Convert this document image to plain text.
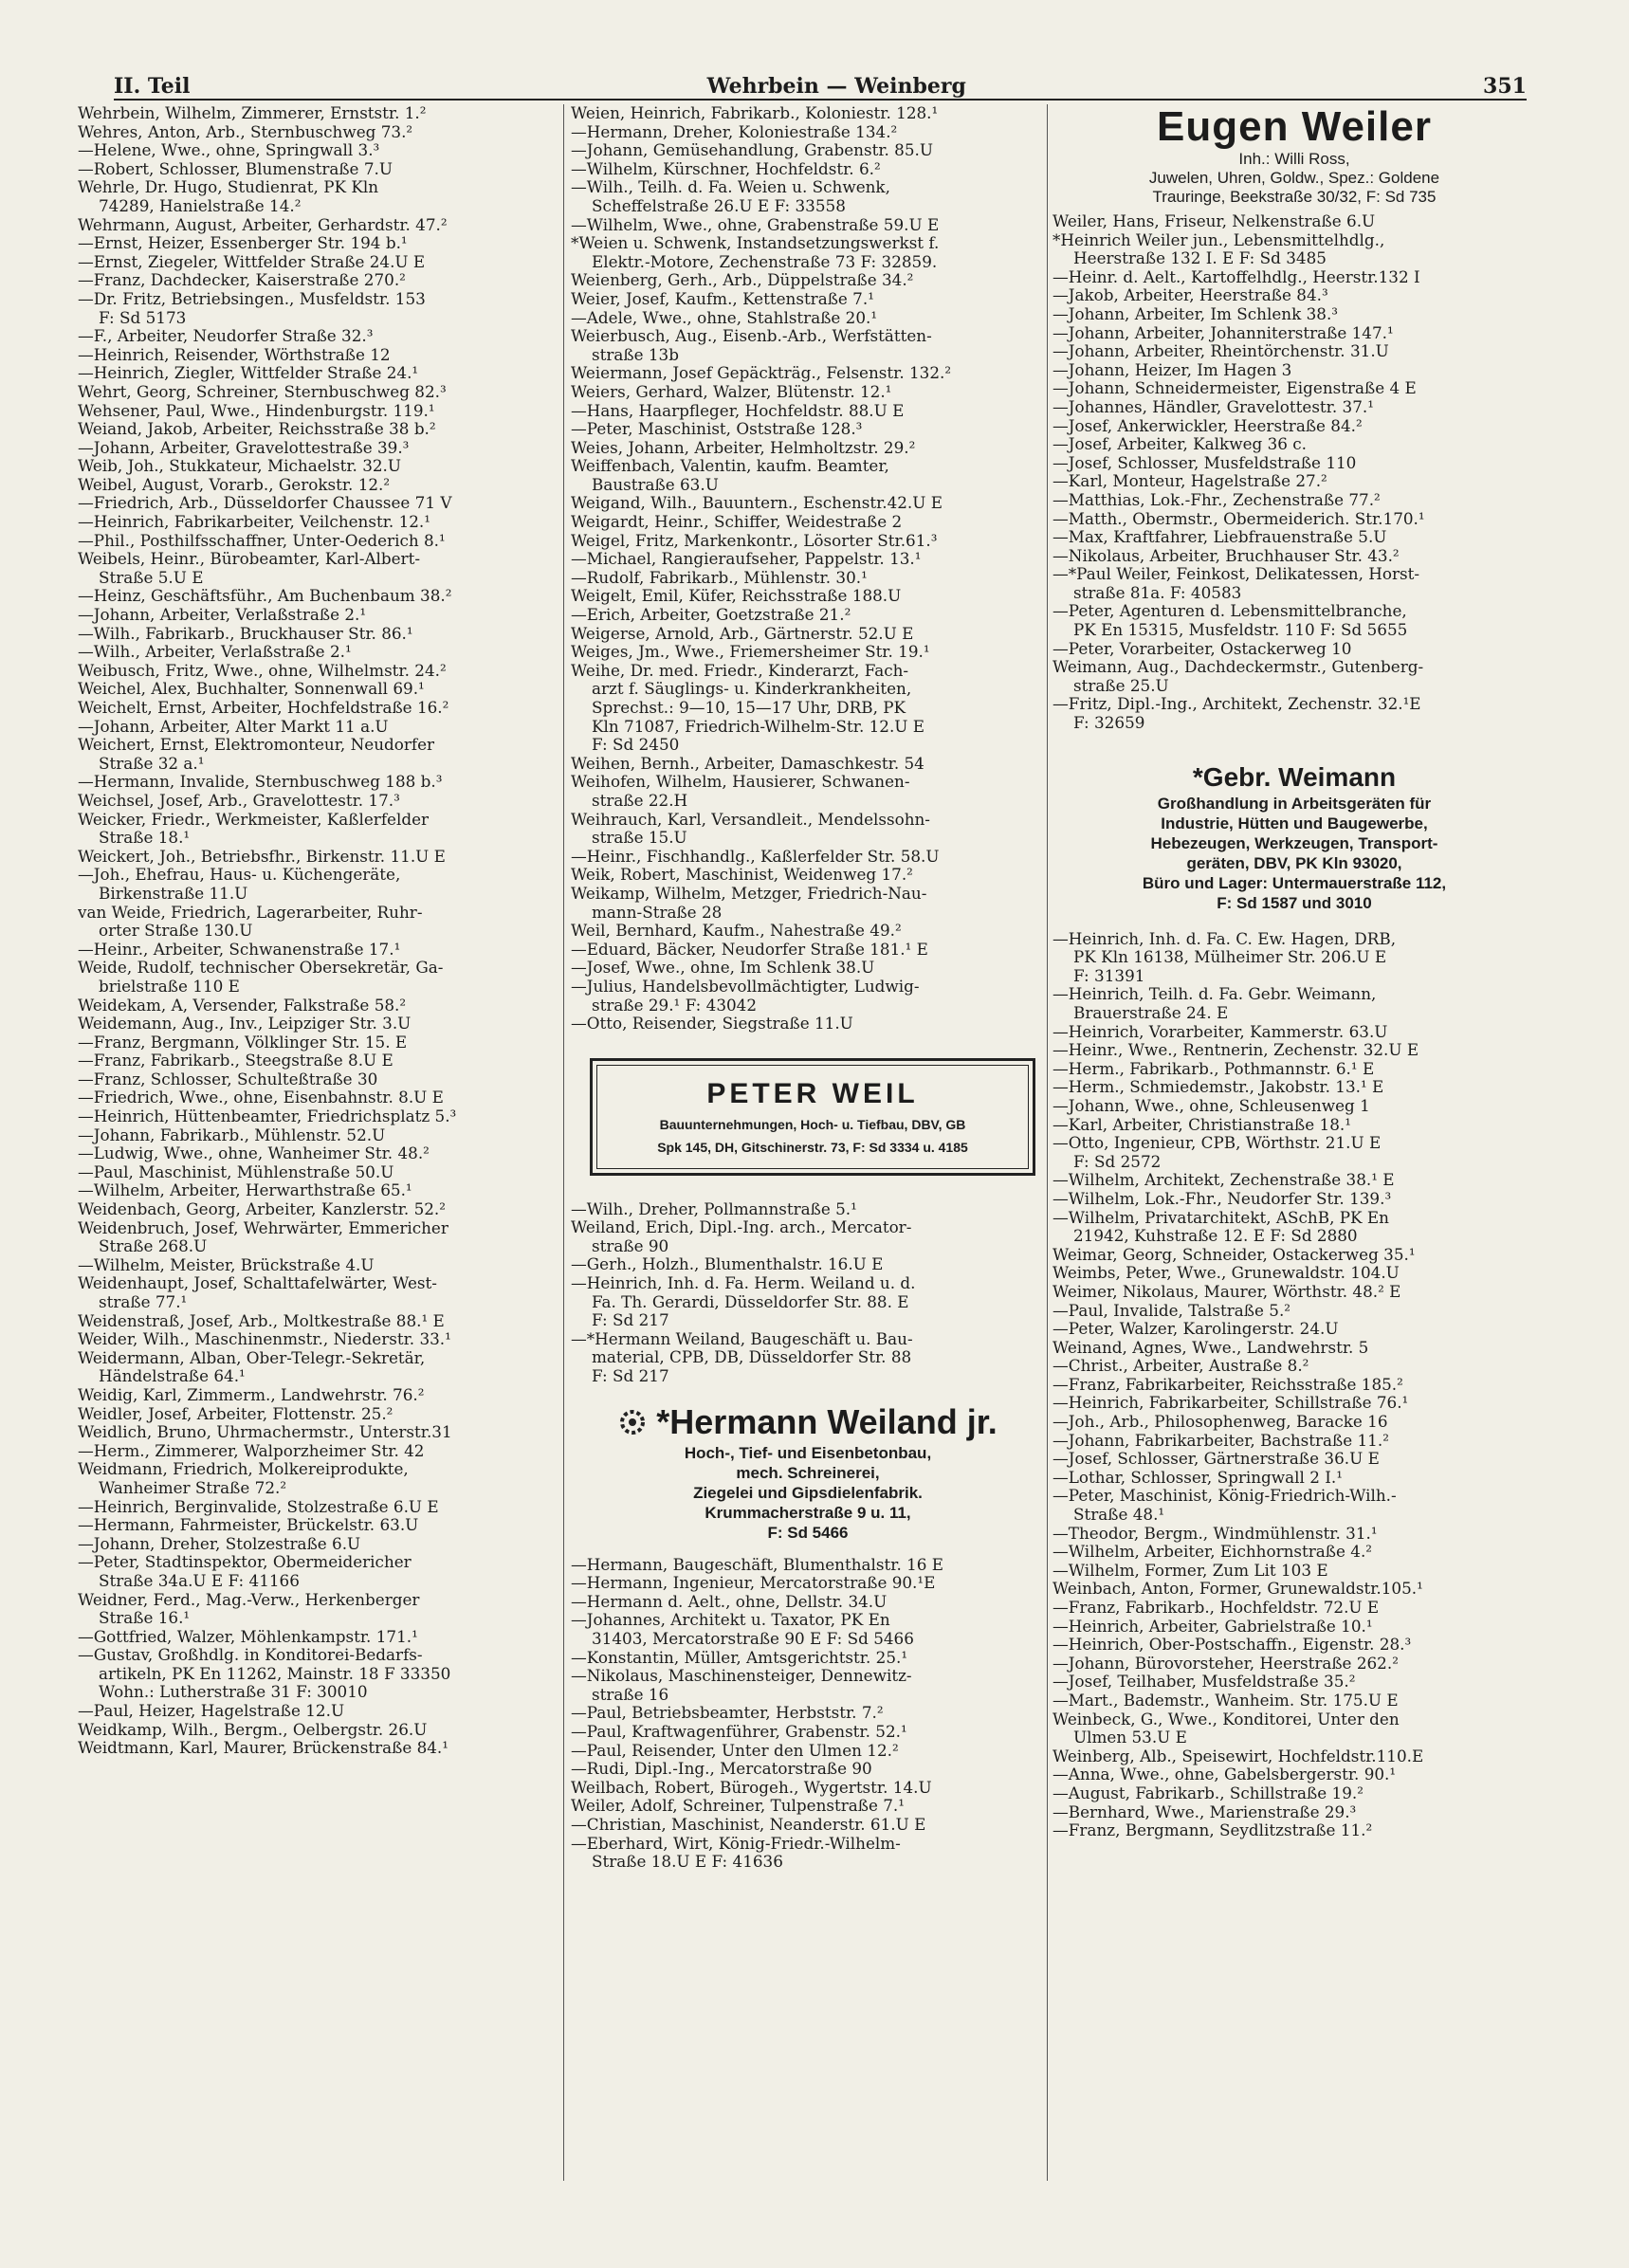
II. Teil	Wehrbein — Weinberg	351
Wehrbein, Wilhelm, Zimmerer, Ernststr. 1.²
Wehres, Anton, Arb., Sternbuschweg 73.²
—Helene, Wwe., ohne, Springwall 3.³
—Robert, Schlosser, Blumenstraße 7.U
Wehrle, Dr. Hugo, Studienrat, PK Kln
74289, Hanielstraße 14.²
Wehrmann, August, Arbeiter, Gerhardstr. 47.²
—Ernst, Heizer, Essenberger Str. 194 b.¹
—Ernst, Ziegeler, Wittfelder Straße 24.U E
—Franz, Dachdecker, Kaiserstraße 270.²
—Dr. Fritz, Betriebsingen., Musfeldstr. 153
F: Sd 5173
—F., Arbeiter, Neudorfer Straße 32.³
—Heinrich, Reisender, Wörthstraße 12
—Heinrich, Ziegler, Wittfelder Straße 24.¹
Wehrt, Georg, Schreiner, Sternbuschweg 82.³
Wehsener, Paul, Wwe., Hindenburgstr. 119.¹
Weiand, Jakob, Arbeiter, Reichsstraße 38 b.²
—Johann, Arbeiter, Gravelottestraße 39.³
Weib, Joh., Stukkateur, Michaelstr. 32.U
Weibel, August, Vorarb., Gerokstr. 12.²
—Friedrich, Arb., Düsseldorfer Chaussee 71 V
—Heinrich, Fabrikarbeiter, Veilchenstr. 12.¹
—Phil., Posthilfsschaffner, Unter-Oederich 8.¹
Weibels, Heinr., Bürobeamter, Karl-Albert-
Straße 5.U E
—Heinz, Geschäftsführ., Am Buchenbaum 38.²
—Johann, Arbeiter, Verlaßstraße 2.¹
—Wilh., Fabrikarb., Bruckhauser Str. 86.¹
—Wilh., Arbeiter, Verlaßstraße 2.¹
Weibusch, Fritz, Wwe., ohne, Wilhelmstr. 24.²
Weichel, Alex, Buchhalter, Sonnenwall 69.¹
Weichelt, Ernst, Arbeiter, Hochfeldstraße 16.²
—Johann, Arbeiter, Alter Markt 11 a.U
Weichert, Ernst, Elektromonteur, Neudorfer
Straße 32 a.¹
—Hermann, Invalide, Sternbuschweg 188 b.³
Weichsel, Josef, Arb., Gravelottestr. 17.³
Weicker, Friedr., Werkmeister, Kaßlerfelder
Straße 18.¹
Weickert, Joh., Betriebsfhr., Birkenstr. 11.U E
—Joh., Ehefrau, Haus- u. Küchengeräte,
Birkenstraße 11.U
van Weide, Friedrich, Lagerarbeiter, Ruhr-
orter Straße 130.U
—Heinr., Arbeiter, Schwanenstraße 17.¹
Weide, Rudolf, technischer Obersekretär, Ga-
brielstraße 110 E
Weidekam, A, Versender, Falkstraße 58.²
Weidemann, Aug., Inv., Leipziger Str. 3.U
—Franz, Bergmann, Völklinger Str. 15. E
—Franz, Fabrikarb., Steegstraße 8.U E
—Franz, Schlosser, Schulteßtraße 30
—Friedrich, Wwe., ohne, Eisenbahnstr. 8.U E
—Heinrich, Hüttenbeamter, Friedrichsplatz 5.³
—Johann, Fabrikarb., Mühlenstr. 52.U
—Ludwig, Wwe., ohne, Wanheimer Str. 48.²
—Paul, Maschinist, Mühlenstraße 50.U
—Wilhelm, Arbeiter, Herwarthstraße 65.¹
Weidenbach, Georg, Arbeiter, Kanzlerstr. 52.²
Weidenbruch, Josef, Wehrwärter, Emmericher
Straße 268.U
—Wilhelm, Meister, Brückstraße 4.U
Weidenhaupt, Josef, Schalttafelwärter, West-
straße 77.¹
Weidenstraß, Josef, Arb., Moltkestraße 88.¹ E
Weider, Wilh., Maschinenmstr., Niederstr. 33.¹
Weidermann, Alban, Ober-Telegr.-Sekretär,
Händelstraße 64.¹
Weidig, Karl, Zimmerm., Landwehrstr. 76.²
Weidler, Josef, Arbeiter, Flottenstr. 25.²
Weidlich, Bruno, Uhrmachermstr., Unterstr.31
—Herm., Zimmerer, Walporzheimer Str. 42
Weidmann, Friedrich, Molkereiprodukte,
Wanheimer Straße 72.²
—Heinrich, Berginvalide, Stolzestraße 6.U E
—Hermann, Fahrmeister, Brückelstr. 63.U
—Johann, Dreher, Stolzestraße 6.U
—Peter, Stadtinspektor, Obermeidericher
Straße 34a.U E F: 41166
Weidner, Ferd., Mag.-Verw., Herkenberger
Straße 16.¹
—Gottfried, Walzer, Möhlenkampstr. 171.¹
—Gustav, Großhdlg. in Konditorei-Bedarfs-
artikeln, PK En 11262, Mainstr. 18 F 33350
Wohn.: Lutherstraße 31 F: 30010
—Paul, Heizer, Hagelstraße 12.U
Weidkamp, Wilh., Bergm., Oelbergstr. 26.U
Weidtmann, Karl, Maurer, Brückenstraße 84.¹
Weien, Heinrich, Fabrikarb., Koloniestr. 128.¹
—Hermann, Dreher, Koloniestraße 134.²
—Johann, Gemüsehandlung, Grabenstr. 85.U
—Wilhelm, Kürschner, Hochfeldstr. 6.²
—Wilh., Teilh. d. Fa. Weien u. Schwenk,
Scheffelstraße 26.U E F: 33558
—Wilhelm, Wwe., ohne, Grabenstraße 59.U E
*Weien u. Schwenk, Instandsetzungswerkst f.
Elektr.-Motore, Zechenstraße 73 F: 32859.
Weienberg, Gerh., Arb., Düppelstraße 34.²
Weier, Josef, Kaufm., Kettenstraße 7.¹
—Adele, Wwe., ohne, Stahlstraße 20.¹
Weierbusch, Aug., Eisenb.-Arb., Werfstätten-
straße 13b
Weiermann, Josef Gepäckträg., Felsenstr. 132.²
Weiers, Gerhard, Walzer, Blütenstr. 12.¹
—Hans, Haarpfleger, Hochfeldstr. 88.U E
—Peter, Maschinist, Oststraße 128.³
Weies, Johann, Arbeiter, Helmholtzstr. 29.²
Weiffenbach, Valentin, kaufm. Beamter,
Baustraße 63.U
Weigand, Wilh., Bauuntern., Eschenstr.42.U E
Weigardt, Heinr., Schiffer, Weidestraße 2
Weigel, Fritz, Markenkontr., Lösorter Str.61.³
—Michael, Rangieraufseher, Pappelstr. 13.¹
—Rudolf, Fabrikarb., Mühlenstr. 30.¹
Weigelt, Emil, Küfer, Reichsstraße 188.U
—Erich, Arbeiter, Goetzstraße 21.²
Weigerse, Arnold, Arb., Gärtnerstr. 52.U E
Weiges, Jm., Wwe., Friemersheimer Str. 19.¹
Weihe, Dr. med. Friedr., Kinderarzt, Fach-
arzt f. Säuglings- u. Kinderkrankheiten,
Sprechst.: 9—10, 15—17 Uhr, DRB, PK
Kln 71087, Friedrich-Wilhelm-Str. 12.U E
F: Sd 2450
Weihen, Bernh., Arbeiter, Damaschkestr. 54
Weihofen, Wilhelm, Hausierer, Schwanen-
straße 22.H
Weihrauch, Karl, Versandleit., Mendelssohn-
straße 15.U
—Heinr., Fischhandlg., Kaßlerfelder Str. 58.U
Weik, Robert, Maschinist, Weidenweg 17.²
Weikamp, Wilhelm, Metzger, Friedrich-Nau-
mann-Straße 28
Weil, Bernhard, Kaufm., Nahestraße 49.²
—Eduard, Bäcker, Neudorfer Straße 181.¹ E
—Josef, Wwe., ohne, Im Schlenk 38.U
—Julius, Handelsbevollmächtigter, Ludwig-
straße 29.¹ F: 43042
—Otto, Reisender, Siegstraße 11.U
PETER WEIL
Bauunternehmungen, Hoch- u. Tiefbau, DBV, GB
Spk 145, DH, Gitschinerstr. 73, F: Sd 3334 u. 4185
—Wilh., Dreher, Pollmannstraße 5.¹
Weiland, Erich, Dipl.-Ing. arch., Mercator-
straße 90
—Gerh., Holzh., Blumenthalstr. 16.U E
—Heinrich, Inh. d. Fa. Herm. Weiland u. d.
Fa. Th. Gerardi, Düsseldorfer Str. 88. E
F: Sd 217
—*Hermann Weiland, Baugeschäft u. Bau-
material, CPB, DB, Düsseldorfer Str. 88
F: Sd 217
*Hermann Weiland jr.
Hoch-, Tief- und Eisenbetonbau,
mech. Schreinerei,
Ziegelei und Gipsdielenfabrik.
Krummacherstraße 9 u. 11,
F: Sd 5466
—Hermann, Baugeschäft, Blumenthalstr. 16 E
—Hermann, Ingenieur, Mercatorstraße 90.¹E
—Hermann d. Aelt., ohne, Dellstr. 34.U
—Johannes, Architekt u. Taxator, PK En
31403, Mercatorstraße 90 E F: Sd 5466
—Konstantin, Müller, Amtsgerichtstr. 25.¹
—Nikolaus, Maschinensteiger, Dennewitz-
straße 16
—Paul, Betriebsbeamter, Herbststr. 7.²
—Paul, Kraftwagenführer, Grabenstr. 52.¹
—Paul, Reisender, Unter den Ulmen 12.²
—Rudi, Dipl.-Ing., Mercatorstraße 90
Weilbach, Robert, Bürogeh., Wygertstr. 14.U
Weiler, Adolf, Schreiner, Tulpenstraße 7.¹
—Christian, Maschinist, Neanderstr. 61.U E
—Eberhard, Wirt, König-Friedr.-Wilhelm-
Straße 18.U E F: 41636
Eugen Weiler
Inh.: Willi Ross,
Juwelen, Uhren, Goldw., Spez.: Goldene
Trauringe, Beekstraße 30/32, F: Sd 735
Weiler, Hans, Friseur, Nelkenstraße 6.U
*Heinrich Weiler jun., Lebensmittelhdlg.,
Heerstraße 132 I. E F: Sd 3485
—Heinr. d. Aelt., Kartoffelhdlg., Heerstr.132 I
—Jakob, Arbeiter, Heerstraße 84.³
—Johann, Arbeiter, Im Schlenk 38.³
—Johann, Arbeiter, Johanniterstraße 147.¹
—Johann, Arbeiter, Rheintörchenstr. 31.U
—Johann, Heizer, Im Hagen 3
—Johann, Schneidermeister, Eigenstraße 4 E
—Johannes, Händler, Gravelottestr. 37.¹
—Josef, Ankerwickler, Heerstraße 84.²
—Josef, Arbeiter, Kalkweg 36 c.
—Josef, Schlosser, Musfeldstraße 110
—Karl, Monteur, Hagelstraße 27.²
—Matthias, Lok.-Fhr., Zechenstraße 77.²
—Matth., Obermstr., Obermeiderich. Str.170.¹
—Max, Kraftfahrer, Liebfrauenstraße 5.U
—Nikolaus, Arbeiter, Bruchhauser Str. 43.²
—*Paul Weiler, Feinkost, Delikatessen, Horst-
straße 81a. F: 40583
—Peter, Agenturen d. Lebensmittelbranche,
PK En 15315, Musfeldstr. 110 F: Sd 5655
—Peter, Vorarbeiter, Ostackerweg 10
Weimann, Aug., Dachdeckermstr., Gutenberg-
straße 25.U
—Fritz, Dipl.-Ing., Architekt, Zechenstr. 32.¹E
F: 32659
*Gebr. Weimann
Großhandlung in Arbeitsgeräten für
Industrie, Hütten und Baugewerbe,
Hebezeugen, Werkzeugen, Transport-
geräten, DBV, PK Kln 93020,
Büro und Lager: Untermauerstraße 112,
F: Sd 1587 und 3010
—Heinrich, Inh. d. Fa. C. Ew. Hagen, DRB,
PK Kln 16138, Mülheimer Str. 206.U E
F: 31391
—Heinrich, Teilh. d. Fa. Gebr. Weimann,
Brauerstraße 24. E
—Heinrich, Vorarbeiter, Kammerstr. 63.U
—Heinr., Wwe., Rentnerin, Zechenstr. 32.U E
—Herm., Fabrikarb., Pothmannstr. 6.¹ E
—Herm., Schmiedemstr., Jakobstr. 13.¹ E
—Johann, Wwe., ohne, Schleusenweg 1
—Karl, Arbeiter, Christianstraße 18.¹
—Otto, Ingenieur, CPB, Wörthstr. 21.U E
F: Sd 2572
—Wilhelm, Architekt, Zechenstraße 38.¹ E
—Wilhelm, Lok.-Fhr., Neudorfer Str. 139.³
—Wilhelm, Privatarchitekt, ASchB, PK En
21942, Kuhstraße 12. E F: Sd 2880
Weimar, Georg, Schneider, Ostackerweg 35.¹
Weimbs, Peter, Wwe., Grunewaldstr. 104.U
Weimer, Nikolaus, Maurer, Wörthstr. 48.² E
—Paul, Invalide, Talstraße 5.²
—Peter, Walzer, Karolingerstr. 24.U
Weinand, Agnes, Wwe., Landwehrstr. 5
—Christ., Arbeiter, Austraße 8.²
—Franz, Fabrikarbeiter, Reichsstraße 185.²
—Heinrich, Fabrikarbeiter, Schillstraße 76.¹
—Joh., Arb., Philosophenweg, Baracke 16
—Johann, Fabrikarbeiter, Bachstraße 11.²
—Josef, Schlosser, Gärtnerstraße 36.U E
—Lothar, Schlosser, Springwall 2 I.¹
—Peter, Maschinist, König-Friedrich-Wilh.-
Straße 48.¹
—Theodor, Bergm., Windmühlenstr. 31.¹
—Wilhelm, Arbeiter, Eichhornstraße 4.²
—Wilhelm, Former, Zum Lit 103 E
Weinbach, Anton, Former, Grunewaldstr.105.¹
—Franz, Fabrikarb., Hochfeldstr. 72.U E
—Heinrich, Arbeiter, Gabrielstraße 10.¹
—Heinrich, Ober-Postschaffn., Eigenstr. 28.³
—Johann, Bürovorsteher, Heerstraße 262.²
—Josef, Teilhaber, Musfeldstraße 35.²
—Mart., Bademstr., Wanheim. Str. 175.U E
Weinbeck, G., Wwe., Konditorei, Unter den
Ulmen 53.U E
Weinberg, Alb., Speisewirt, Hochfeldstr.110.E
—Anna, Wwe., ohne, Gabelsbergerstr. 90.¹
—August, Fabrikarb., Schillstraße 19.²
—Bernhard, Wwe., Marienstraße 29.³
—Franz, Bergmann, Seydlitzstraße 11.²
